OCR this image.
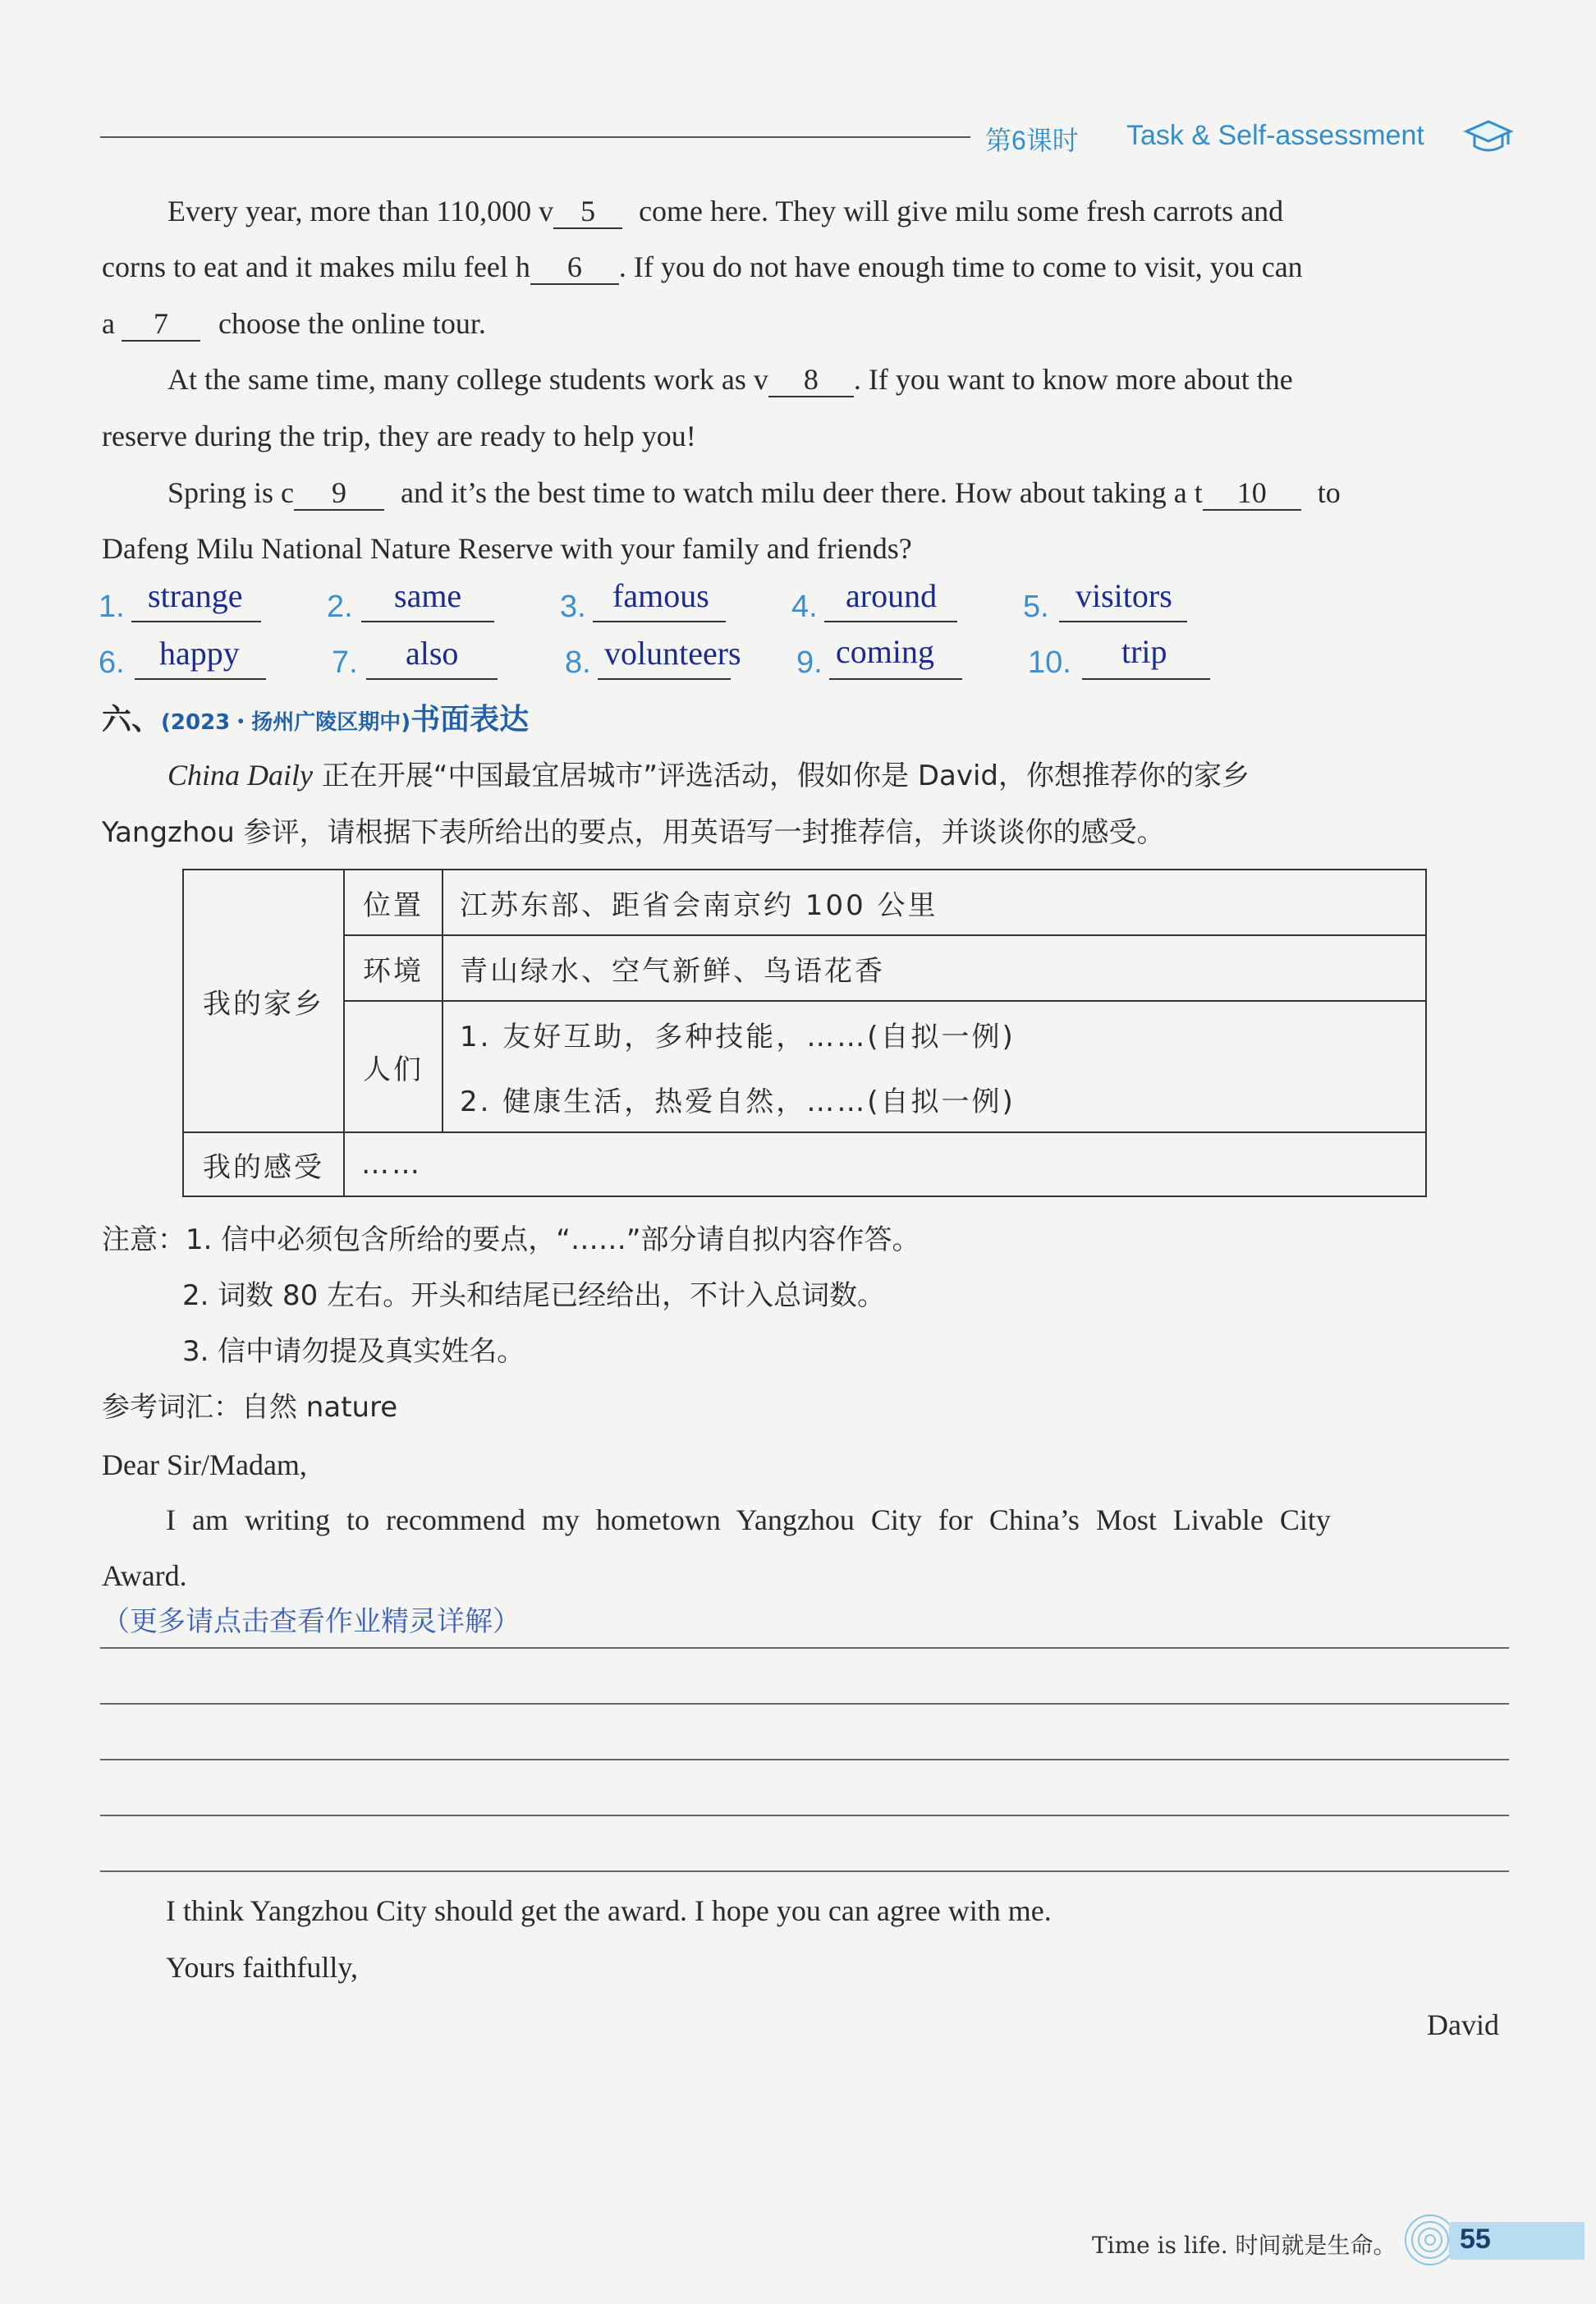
第6课时 Task & Self-assessment
Every year, more than 110,000 v 5 come here. They will give milu some fresh carrots and
corns to eat and it makes milu feel h 6 . If you do not have enough time to come to visit, you can
a 7 choose the online tour.
At the same time, many college students work as v 8 . If you want to know more about the
reserve during the trip, they are ready to help you!
Spring is c 9 and it’s the best time to watch milu deer there. How about taking a t 10 to
Dafeng Milu National Nature Reserve with your family and friends?
1. strange	2. same	3. famous	4. around	5. visitors
6. happy	7. also	8. volunteers 9. coming	10. trip
六、(2023・扬州广陵区期中)书面表达
China Daily 正在开展“中国最宜居城市”评选活动，假如你是 David，你想推荐你的家乡
Yangzhou 参评，请根据下表所给出的要点，用英语写一封推荐信，并谈谈你的感受。
我的家乡	位置	江苏东部、距省会南京约 100 公里
	环境	青山绿水、空气新鲜、鸟语花香
	人们	1. 友好互助，多种技能，……(自拟一例)
		2. 健康生活，热爱自然，……(自拟一例)
我的感受	……	
注意：1. 信中必须包含所给的要点，“……”部分请自拟内容作答。
2. 词数 80 左右。开头和结尾已经给出，不计入总词数。
3. 信中请勿提及真实姓名。
参考词汇：自然 nature
Dear Sir/Madam,
I am writing to recommend my hometown Yangzhou City for China’s Most Livable City
Award.
（更多请点击查看作业精灵详解）
I think Yangzhou City should get the award. I hope you can agree with me.
Yours faithfully,
David
Time is life. 时间就是生命。 55
